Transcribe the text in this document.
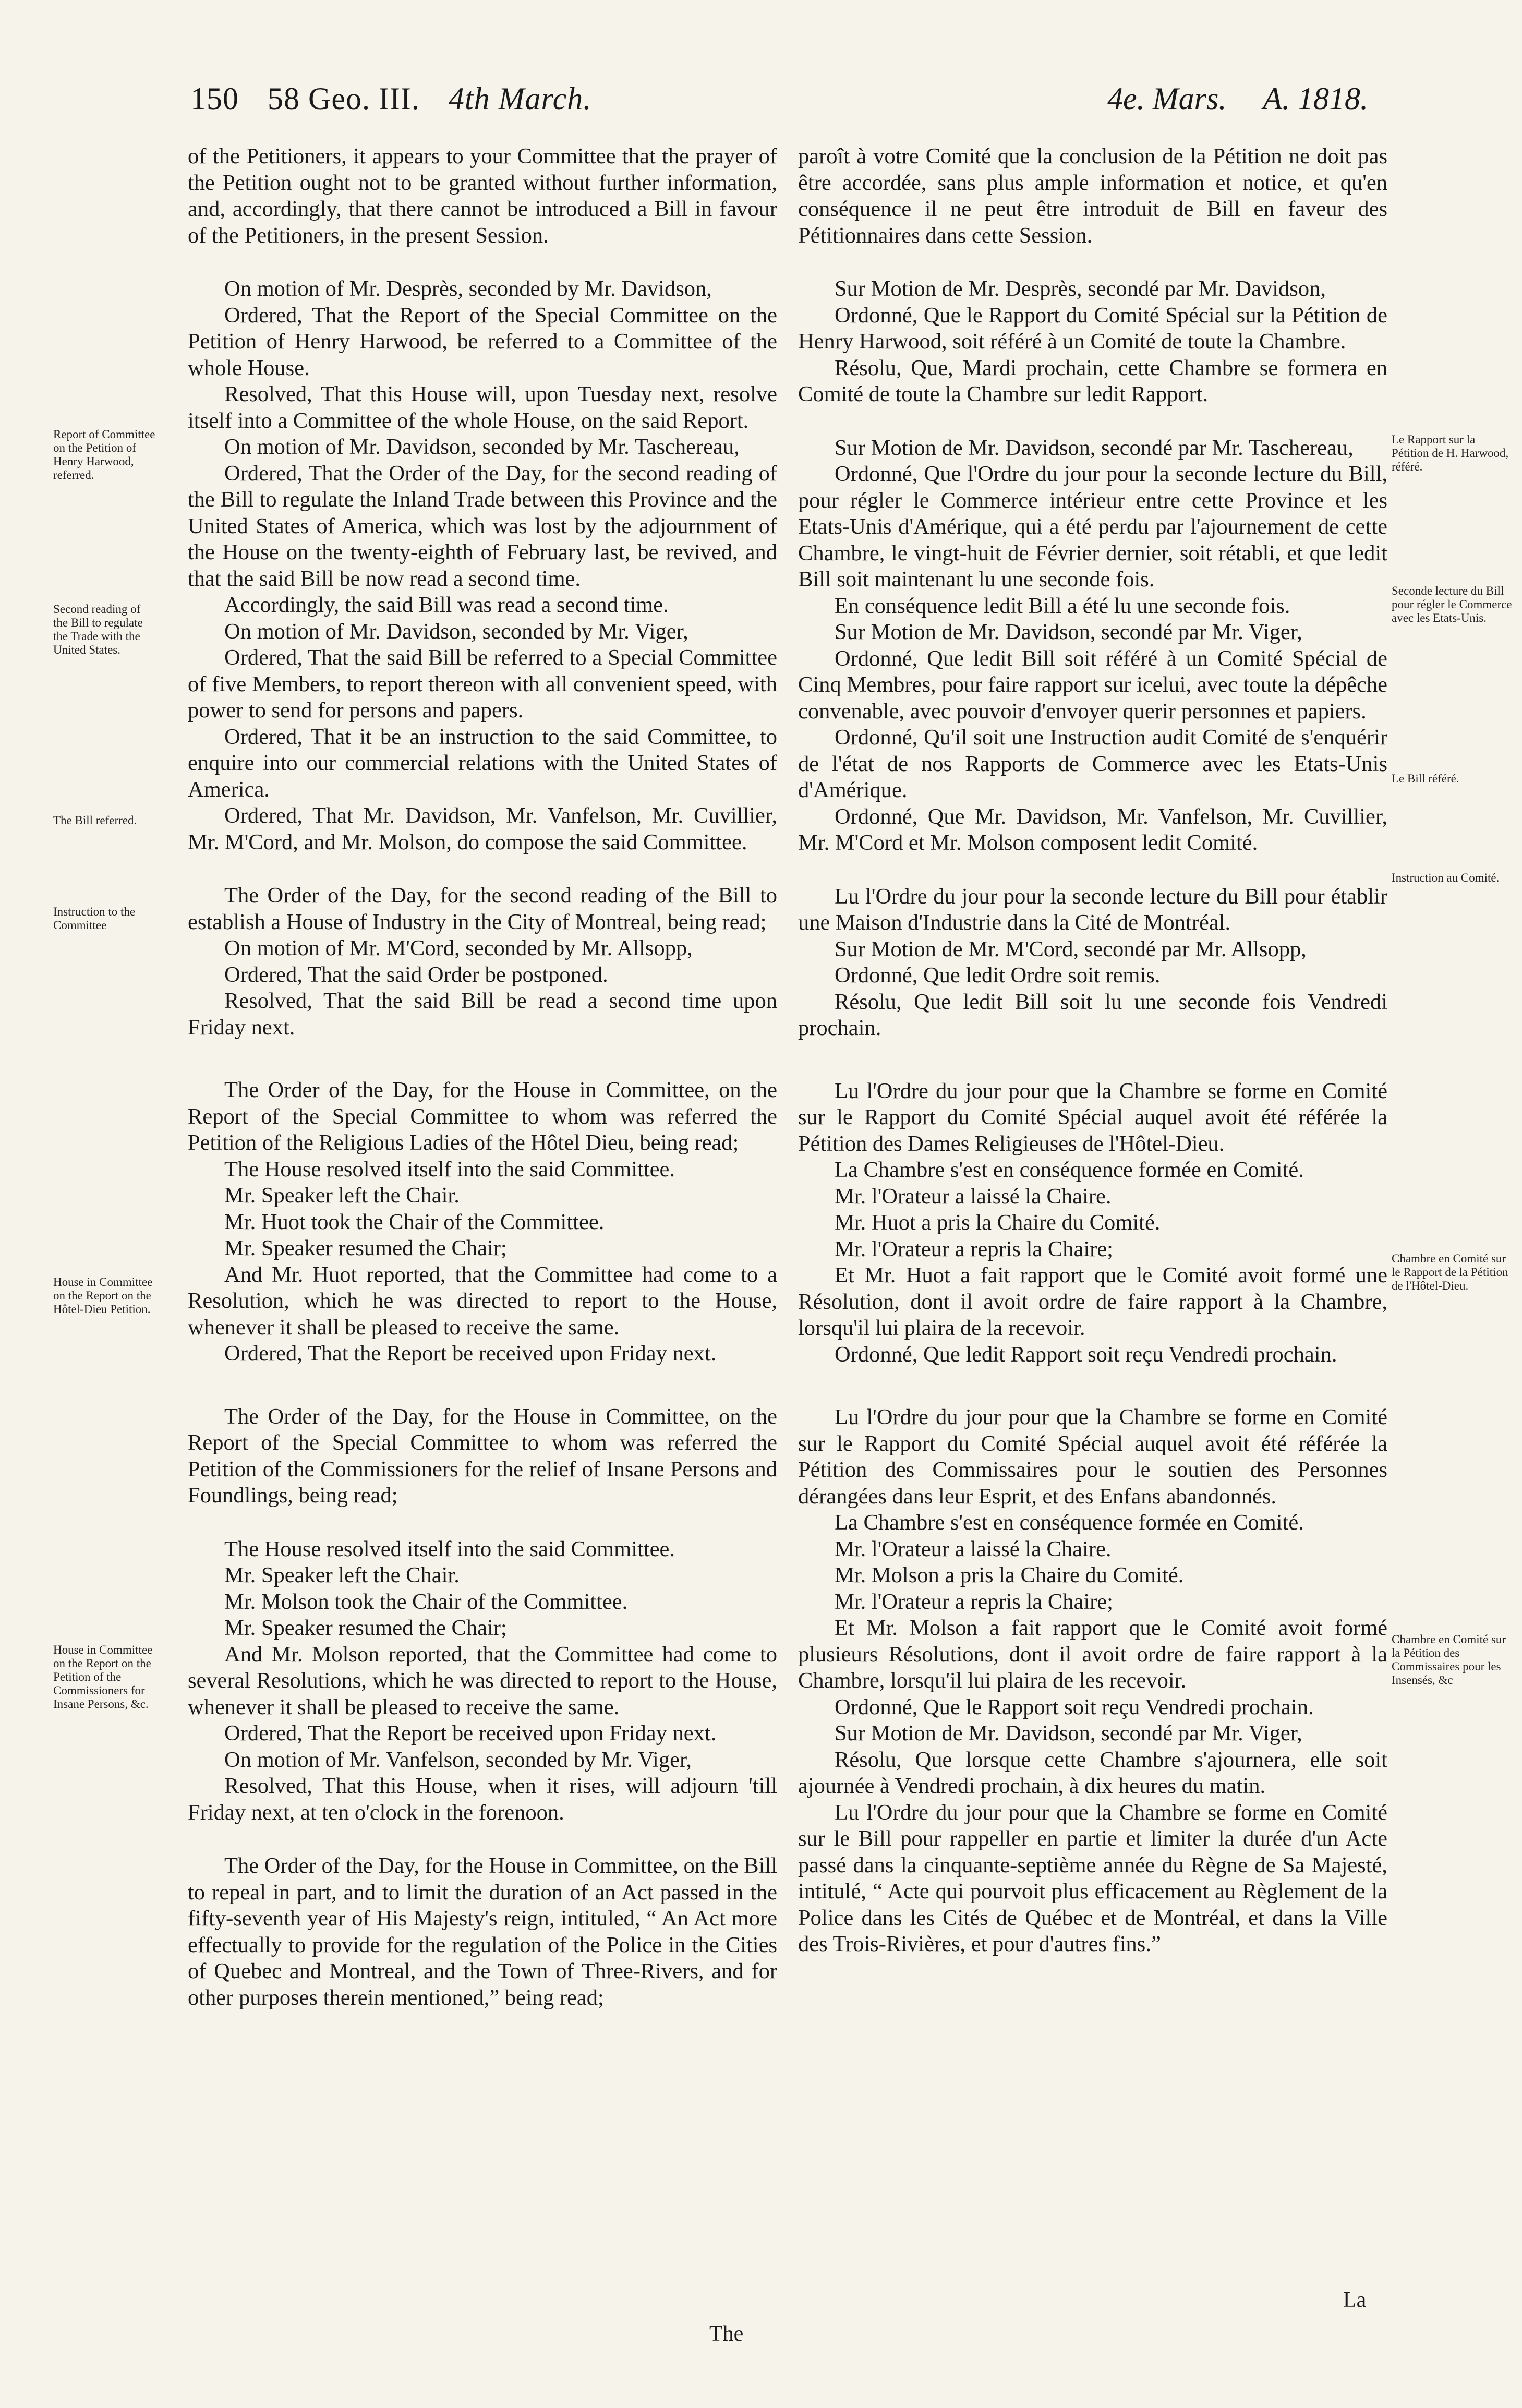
150 58 Geo. III. 4th March.	4e. Mars. A. 1818.

of the Petitioners, it appears to your Committee that the prayer of the Petition ought not to be granted without further information, and, accordingly, that there cannot be introduced a Bill in favour of the Petitioners, in the present Session.

On motion of Mr. Desprès, seconded by Mr. Davidson,

Ordered, That the Report of the Special Committee on the Petition of Henry Harwood, be referred to a Committee of the whole House.

Resolved, That this House will, upon Tuesday next, resolve itself into a Committee of the whole House, on the said Report.

On motion of Mr. Davidson, seconded by Mr. Taschereau,

Ordered, That the Order of the Day, for the second reading of the Bill to regulate the Inland Trade between this Province and the United States of America, which was lost by the adjournment of the House on the twenty-eighth of February last, be revived, and that the said Bill be now read a second time.

Accordingly, the said Bill was read a second time.

On motion of Mr. Davidson, seconded by Mr. Viger,

Ordered, That the said Bill be referred to a Special Committee of five Members, to report thereon with all convenient speed, with power to send for persons and papers.

Ordered, That it be an instruction to the said Committee, to enquire into our commercial relations with the United States of America.

Ordered, That Mr. Davidson, Mr. Vanfelson, Mr. Cuvillier, Mr. M'Cord, and Mr. Molson, do compose the said Committee.

The Order of the Day, for the second reading of the Bill to establish a House of Industry in the City of Montreal, being read;

On motion of Mr. M'Cord, seconded by Mr. Allsopp,

Ordered, That the said Order be postponed.

Resolved, That the said Bill be read a second time upon Friday next.

The Order of the Day, for the House in Committee, on the Report of the Special Committee to whom was referred the Petition of the Religious Ladies of the Hôtel Dieu, being read;

The House resolved itself into the said Committee.

Mr. Speaker left the Chair.

Mr. Huot took the Chair of the Committee.

Mr. Speaker resumed the Chair;

And Mr. Huot reported, that the Committee had come to a Resolution, which he was directed to report to the House, whenever it shall be pleased to receive the same.

Ordered, That the Report be received upon Friday next.

The Order of the Day, for the House in Committee, on the Report of the Special Committee to whom was referred the Petition of the Commissioners for the relief of Insane Persons and Foundlings, being read;

The House resolved itself into the said Committee.

Mr. Speaker left the Chair.

Mr. Molson took the Chair of the Committee.

Mr. Speaker resumed the Chair;

And Mr. Molson reported, that the Committee had come to several Resolutions, which he was directed to report to the House, whenever it shall be pleased to receive the same.

Ordered, That the Report be received upon Friday next.

On motion of Mr. Vanfelson, seconded by Mr. Viger,

Resolved, That this House, when it rises, will adjourn 'till Friday next, at ten o'clock in the forenoon.

The Order of the Day, for the House in Committee, on the Bill to repeal in part, and to limit the duration of an Act passed in the fifty-seventh year of His Majesty's reign, intituled, “ An Act more effectually to provide for the regulation of the Police in the Cities of Quebec and Montreal, and the Town of Three-Rivers, and for other purposes therein mentioned,” being read;

paroît à votre Comité que la conclusion de la Pétition ne doit pas être accordée, sans plus ample information et notice, et qu'en conséquence il ne peut être introduit de Bill en faveur des Pétitionnaires dans cette Session.

Sur Motion de Mr. Desprès, secondé par Mr. Davidson,

Ordonné, Que le Rapport du Comité Spécial sur la Pétition de Henry Harwood, soit référé à un Comité de toute la Chambre.

Résolu, Que, Mardi prochain, cette Chambre se formera en Comité de toute la Chambre sur ledit Rapport.

Sur Motion de Mr. Davidson, secondé par Mr. Taschereau,

Ordonné, Que l'Ordre du jour pour la seconde lecture du Bill, pour régler le Commerce intérieur entre cette Province et les Etats-Unis d'Amérique, qui a été perdu par l'ajournement de cette Chambre, le vingt-huit de Février dernier, soit rétabli, et que ledit Bill soit maintenant lu une seconde fois.

En conséquence ledit Bill a été lu une seconde fois.

Sur Motion de Mr. Davidson, secondé par Mr. Viger,

Ordonné, Que ledit Bill soit référé à un Comité Spécial de Cinq Membres, pour faire rapport sur icelui, avec toute la dépêche convenable, avec pouvoir d'envoyer querir personnes et papiers.

Ordonné, Qu'il soit une Instruction audit Comité de s'enquérir de l'état de nos Rapports de Commerce avec les Etats-Unis d'Amérique.

Ordonné, Que Mr. Davidson, Mr. Vanfelson, Mr. Cuvillier, Mr. M'Cord et Mr. Molson composent ledit Comité.

Lu l'Ordre du jour pour la seconde lecture du Bill pour établir une Maison d'Industrie dans la Cité de Montréal.

Sur Motion de Mr. M'Cord, secondé par Mr. Allsopp,

Ordonné, Que ledit Ordre soit remis.

Résolu, Que ledit Bill soit lu une seconde fois Vendredi prochain.

Lu l'Ordre du jour pour que la Chambre se forme en Comité sur le Rapport du Comité Spécial auquel avoit été référée la Pétition des Dames Religieuses de l'Hôtel-Dieu.

La Chambre s'est en conséquence formée en Comité.

Mr. l'Orateur a laissé la Chaire.

Mr. Huot a pris la Chaire du Comité.

Mr. l'Orateur a repris la Chaire;

Et Mr. Huot a fait rapport que le Comité avoit formé une Résolution, dont il avoit ordre de faire rapport à la Chambre, lorsqu'il lui plaira de la recevoir.

Ordonné, Que ledit Rapport soit reçu Vendredi prochain.

Lu l'Ordre du jour pour que la Chambre se forme en Comité sur le Rapport du Comité Spécial auquel avoit été référée la Pétition des Commissaires pour le soutien des Personnes dérangées dans leur Esprit, et des Enfans abandonnés.

La Chambre s'est en conséquence formée en Comité.

Mr. l'Orateur a laissé la Chaire.

Mr. Molson a pris la Chaire du Comité.

Mr. l'Orateur a repris la Chaire;

Et Mr. Molson a fait rapport que le Comité avoit formé plusieurs Résolutions, dont il avoit ordre de faire rapport à la Chambre, lorsqu'il lui plaira de les recevoir.

Ordonné, Que le Rapport soit reçu Vendredi prochain.

Sur Motion de Mr. Davidson, secondé par Mr. Viger,

Résolu, Que lorsque cette Chambre s'ajournera, elle soit ajournée à Vendredi prochain, à dix heures du matin.

Lu l'Ordre du jour pour que la Chambre se forme en Comité sur le Bill pour rappeller en partie et limiter la durée d'un Acte passé dans la cinquante-septième année du Règne de Sa Majesté, intitulé, “ Acte qui pourvoit plus efficacement au Règlement de la Police dans les Cités de Québec et de Montréal, et dans la Ville des Trois-Rivières, et pour d'autres fins.”

Report of Committee on the Petition of Henry Harwood, referred.
Second reading of the Bill to regulate the Trade with the United States.
The Bill referred.
Instruction to the Committee
House in Committee on the Report on the Hôtel-Dieu Petition.
House in Committee on the Report on the Petition of the Commissioners for Insane Persons, &c.
Le Rapport sur la Pétition de H. Harwood, référé.
Seconde lecture du Bill pour régler le Commerce avec les Etats-Unis.
Le Bill référé.
Instruction au Comité.
Chambre en Comité sur le Rapport de la Pétition de l'Hôtel-Dieu.
Chambre en Comité sur la Pétition des Commissaires pour les Insensés, &c
The
La
